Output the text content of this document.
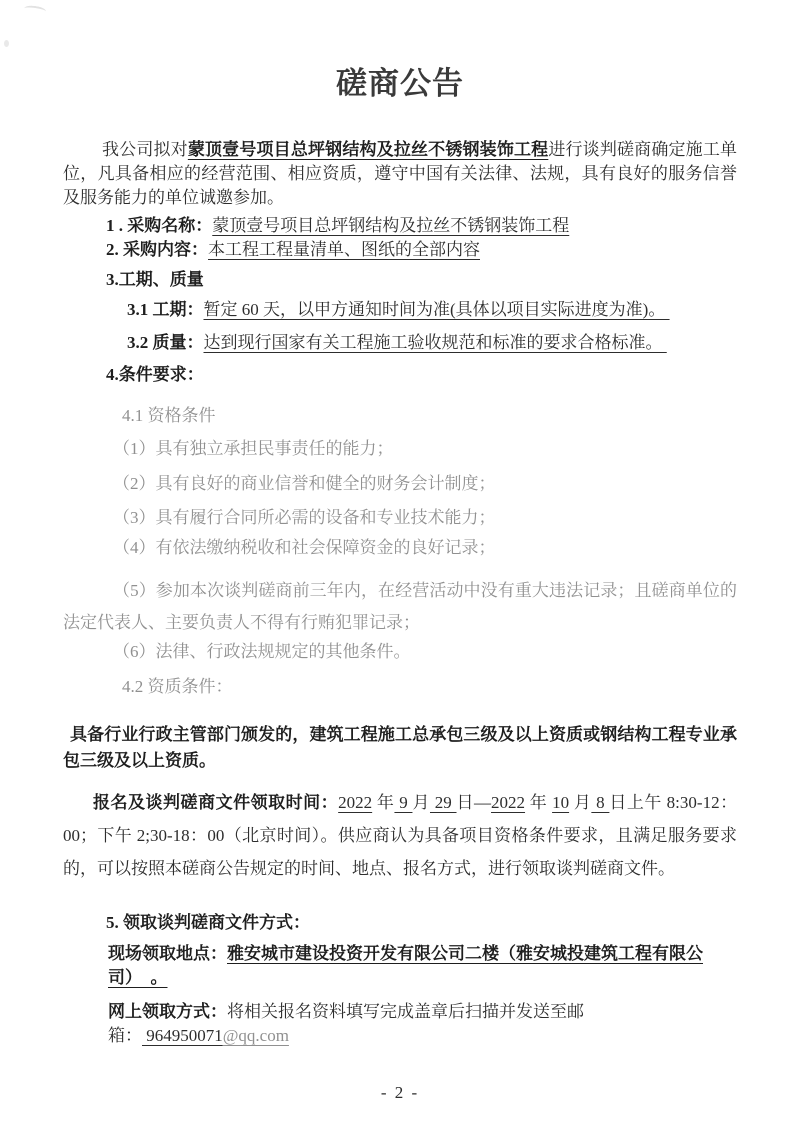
磋商公告

我公司拟对蒙顶壹号项目总坪钢结构及拉丝不锈钢装饰工程进行谈判磋商确定施工单位，凡具备相应的经营范围、相应资质，遵守中国有关法律、法规，具有良好的服务信誉及服务能力的单位诚邀参加。

1 . 采购名称：蒙顶壹号项目总坪钢结构及拉丝不锈钢装饰工程

2. 采购内容：本工程工程量清单、图纸的全部内容

3.工期、质量

3.1 工期：暂定 60 天，以甲方通知时间为准(具体以项目实际进度为准)。

3.2 质量：达到现行国家有关工程施工验收规范和标准的要求合格标准。

4.条件要求：

4.1 资格条件

（1）具有独立承担民事责任的能力；

（2）具有良好的商业信誉和健全的财务会计制度；

（3）具有履行合同所必需的设备和专业技术能力；

（4）有依法缴纳税收和社会保障资金的良好记录；

（5）参加本次谈判磋商前三年内，在经营活动中没有重大违法记录；且磋商单位的法定代表人、主要负责人不得有行贿犯罪记录；

（6）法律、行政法规规定的其他条件。

4.2 资质条件：

具备行业行政主管部门颁发的，建筑工程施工总承包三级及以上资质或钢结构工程专业承包三级及以上资质。

报名及谈判磋商文件领取时间：2022 年 9 月 29 日—2022 年 10 月 8 日上午 8:30-12：00；下午 2;30-18：00（北京时间）。供应商认为具备项目资格条件要求，且满足服务要求的，可以按照本磋商公告规定的时间、地点、报名方式，进行领取谈判磋商文件。

5. 领取谈判磋商文件方式：

现场领取地点：雅安城市建设投资开发有限公司二楼（雅安城投建筑工程有限公司）  。

网上领取方式：将相关报名资料填写完成盖章后扫描并发送至邮箱： 964950071@qq.com

- 2 -
